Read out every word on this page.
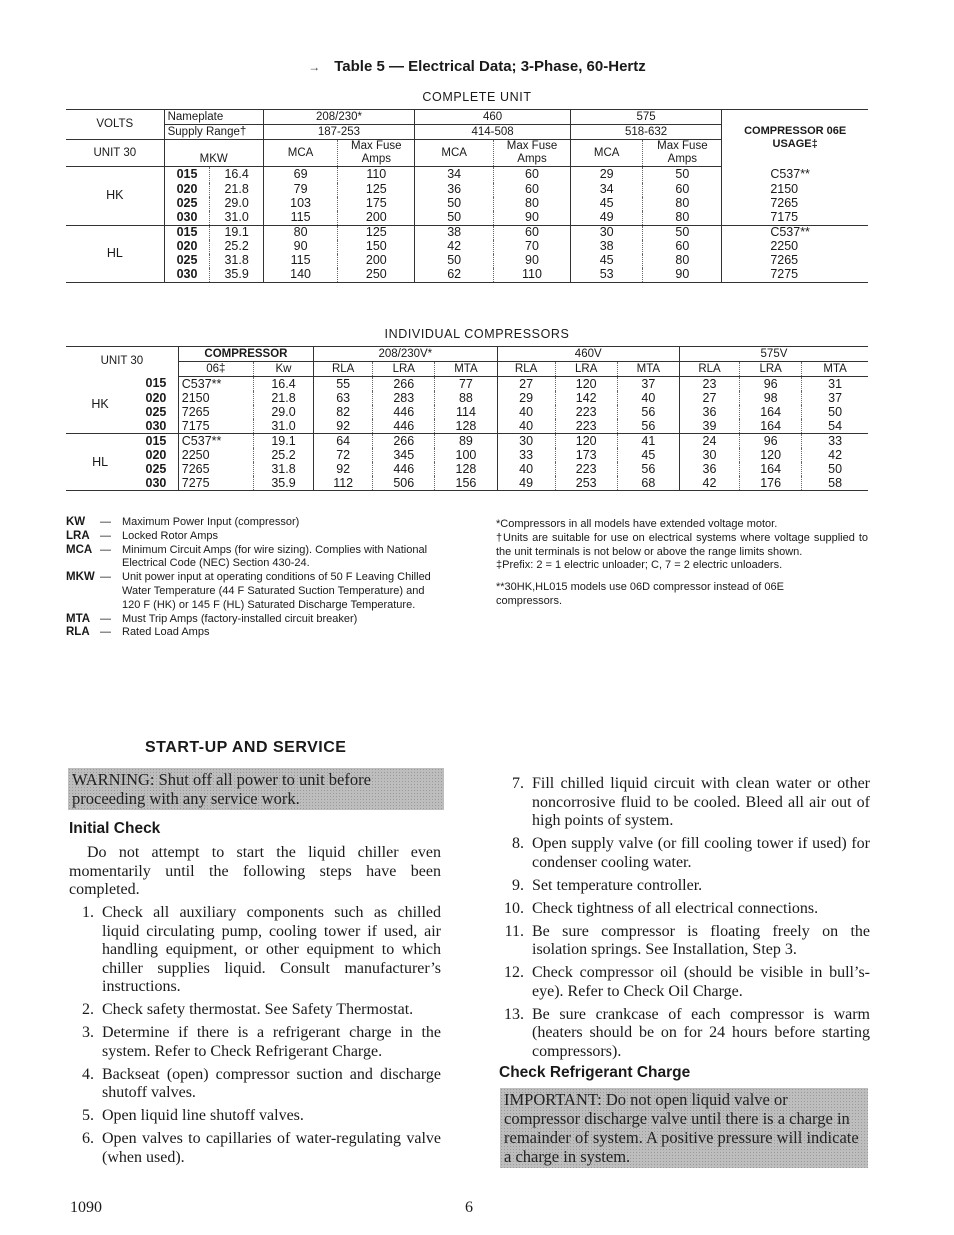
→ Table 5 — Electrical Data; 3-Phase, 60-Hertz
COMPLETE UNIT
VOLTS	Nameplate		208/230*		460		575		COMPRESSOR 06E USAGE‡
	Supply Range†		187-253		414-508		518-632		
UNIT 30	MKW		MCA	Max Fuse Amps	MCA	Max Fuse Amps	MCA	Max Fuse Amps	

HK	015	16.4	69	110	34	60	29	50	C537**
	020	21.8	79	125	36	60	34	60	2150
	025	29.0	103	175	50	80	45	80	7265
	030	31.0	115	200	50	90	49	80	7175
HL	015	19.1	80	125	38	60	30	50	C537**
	020	25.2	90	150	42	70	38	60	2250
	025	31.8	115	200	50	90	45	80	7265
	030	35.9	140	250	62	110	53	90	7275
INDIVIDUAL COMPRESSORS
UNIT 30		COMPRESSOR		208/230V*			460V			575V		
		06‡	Kw	RLA	LRA	MTA	RLA	LRA	MTA	RLA	LRA	MTA
HK	015	C537**	16.4	55	266	77	27	120	37	23	96	31
	020	2150	21.8	63	283	88	29	142	40	27	98	37
	025	7265	29.0	82	446	114	40	223	56	36	164	50
	030	7175	31.0	92	446	128	40	223	56	39	164	54
HL	015	C537**	19.1	64	266	89	30	120	41	24	96	33
	020	2250	25.2	72	345	100	33	173	45	30	120	42
	025	7265	31.8	92	446	128	40	223	56	36	164	50
	030	7275	35.9	112	506	156	49	253	68	42	176	58
KW	—	Maximum Power Input (compressor)
LRA —	Locked Rotor Amps
MCA —	Minimum Circuit Amps (for wire sizing). Complies with National Electrical Code (NEC) Section 430-24.
MKW —	Unit power input at operating conditions of 50 F Leaving Chilled Water Temperature (44 F Saturated Suction Temperature) and 120 F (HK) or 145 F (HL) Saturated Discharge Temperature.
MTA —	Must Trip Amps (factory-installed circuit breaker)
RLA —	Rated Load Amps

*Compressors in all models have extended voltage motor.

†Units are suitable for use on electrical systems where voltage supplied to the unit terminals is not below or above the range limits shown.

‡Prefix: 2 = 1 electric unloader; C, 7 = 2 electric unloaders.

**30HK,HL015 models use 06D compressor instead of 06E compressors.

START-UP AND SERVICE
WARNING: Shut off all power to unit before proceeding with any service work.
Initial Check
Do not attempt to start the liquid chiller even momentarily until the following steps have been completed.
1. Check all auxiliary components such as chilled liquid circulating pump, cooling tower if used, air handling equipment, or other equipment to which chiller supplies liquid. Consult manufacturer’s instructions.
2. Check safety thermostat. See Safety Thermostat.
3. Determine if there is a refrigerant charge in the system. Refer to Check Refrigerant Charge.
4. Backseat (open) compressor suction and discharge shutoff valves.
5. Open liquid line shutoff valves.
6. Open valves to capillaries of water-regulating valve (when used).
7. Fill chilled liquid circuit with clean water or other noncorrosive fluid to be cooled. Bleed all air out of high points of system.
8. Open supply valve (or fill cooling tower if used) for condenser cooling water.
9. Set temperature controller.
10. Check tightness of all electrical connections.
11. Be sure compressor is floating freely on the isolation springs. See Installation, Step 3.
12. Check compressor oil (should be visible in bull’s-eye). Refer to Check Oil Charge.
13. Be sure crankcase of each compressor is warm (heaters should be on for 24 hours before starting compressors).
Check Refrigerant Charge
IMPORTANT: Do not open liquid valve or compressor discharge valve until there is a charge in remainder of system. A positive pressure will indicate a charge in system.
1090	6
